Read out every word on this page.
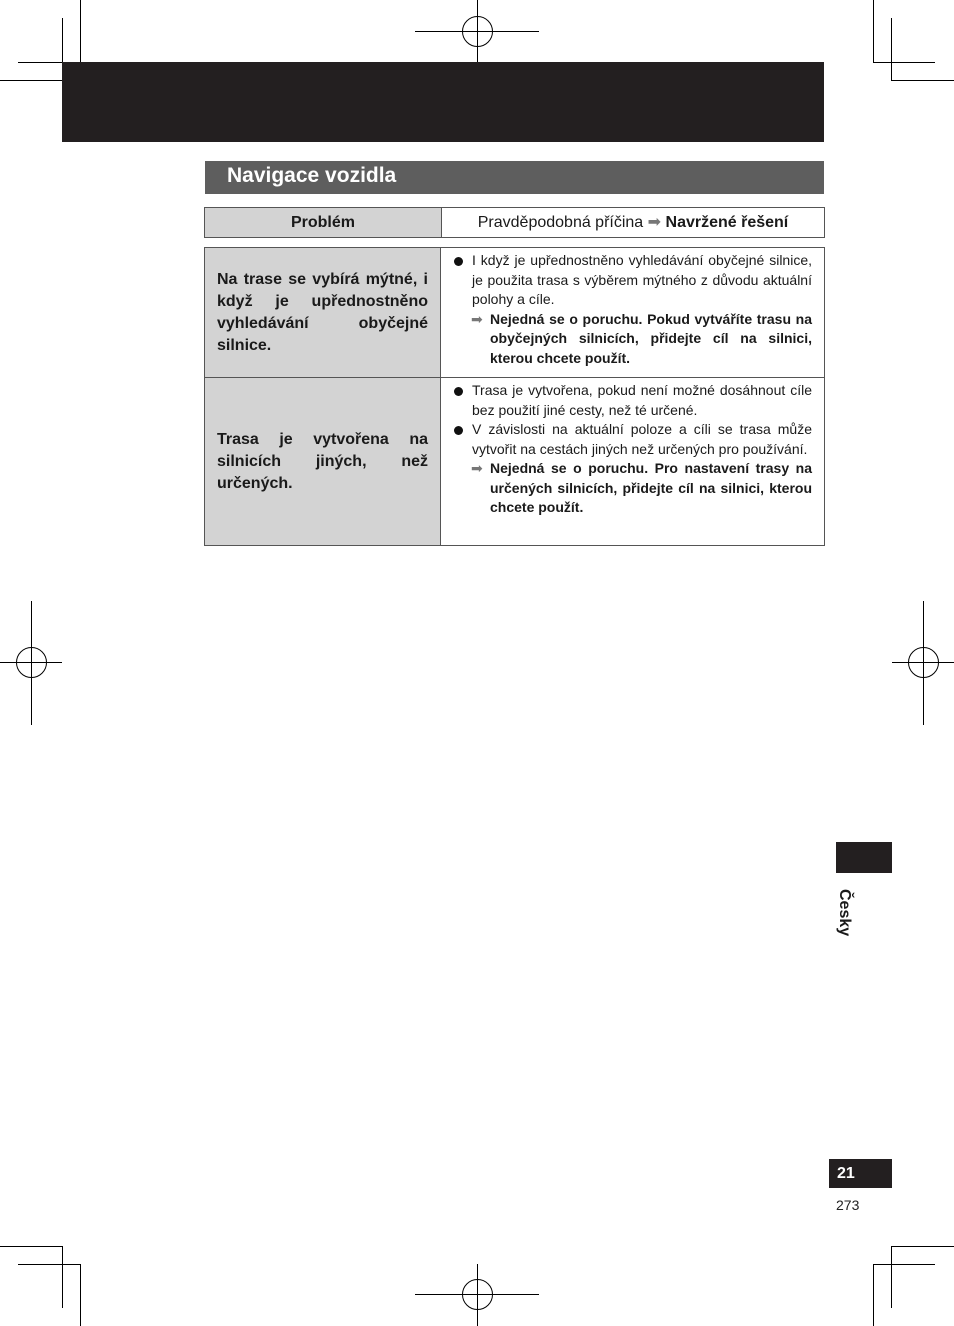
Navigace vozidla
Problém	Pravděpodobná příčina ➡ Navržené řešení
Na trase se vybírá mýtné, i když je upřednostněno vyhledávání obyčejné silnice.
I když je upřednostněno vyhledávání obyčejné silnice, je použita trasa s výběrem mýtného z důvodu aktuální polohy a cíle.
➡ Nejedná se o poruchu. Pokud vytváříte trasu na obyčejných silnicích, přidejte cíl na silnici, kterou chcete použít.
Trasa je vytvořena na silnicích jiných, než určených.
Trasa je vytvořena, pokud není možné dosáhnout cíle bez použití jiné cesty, než té určené.
V závislosti na aktuální poloze a cíli se trasa může vytvořit na cestách jiných než určených pro používání.
➡ Nejedná se o poruchu. Pro nastavení trasy na určených silnicích, přidejte cíl na silnici, kterou chcete použít.
Česky
21
273
